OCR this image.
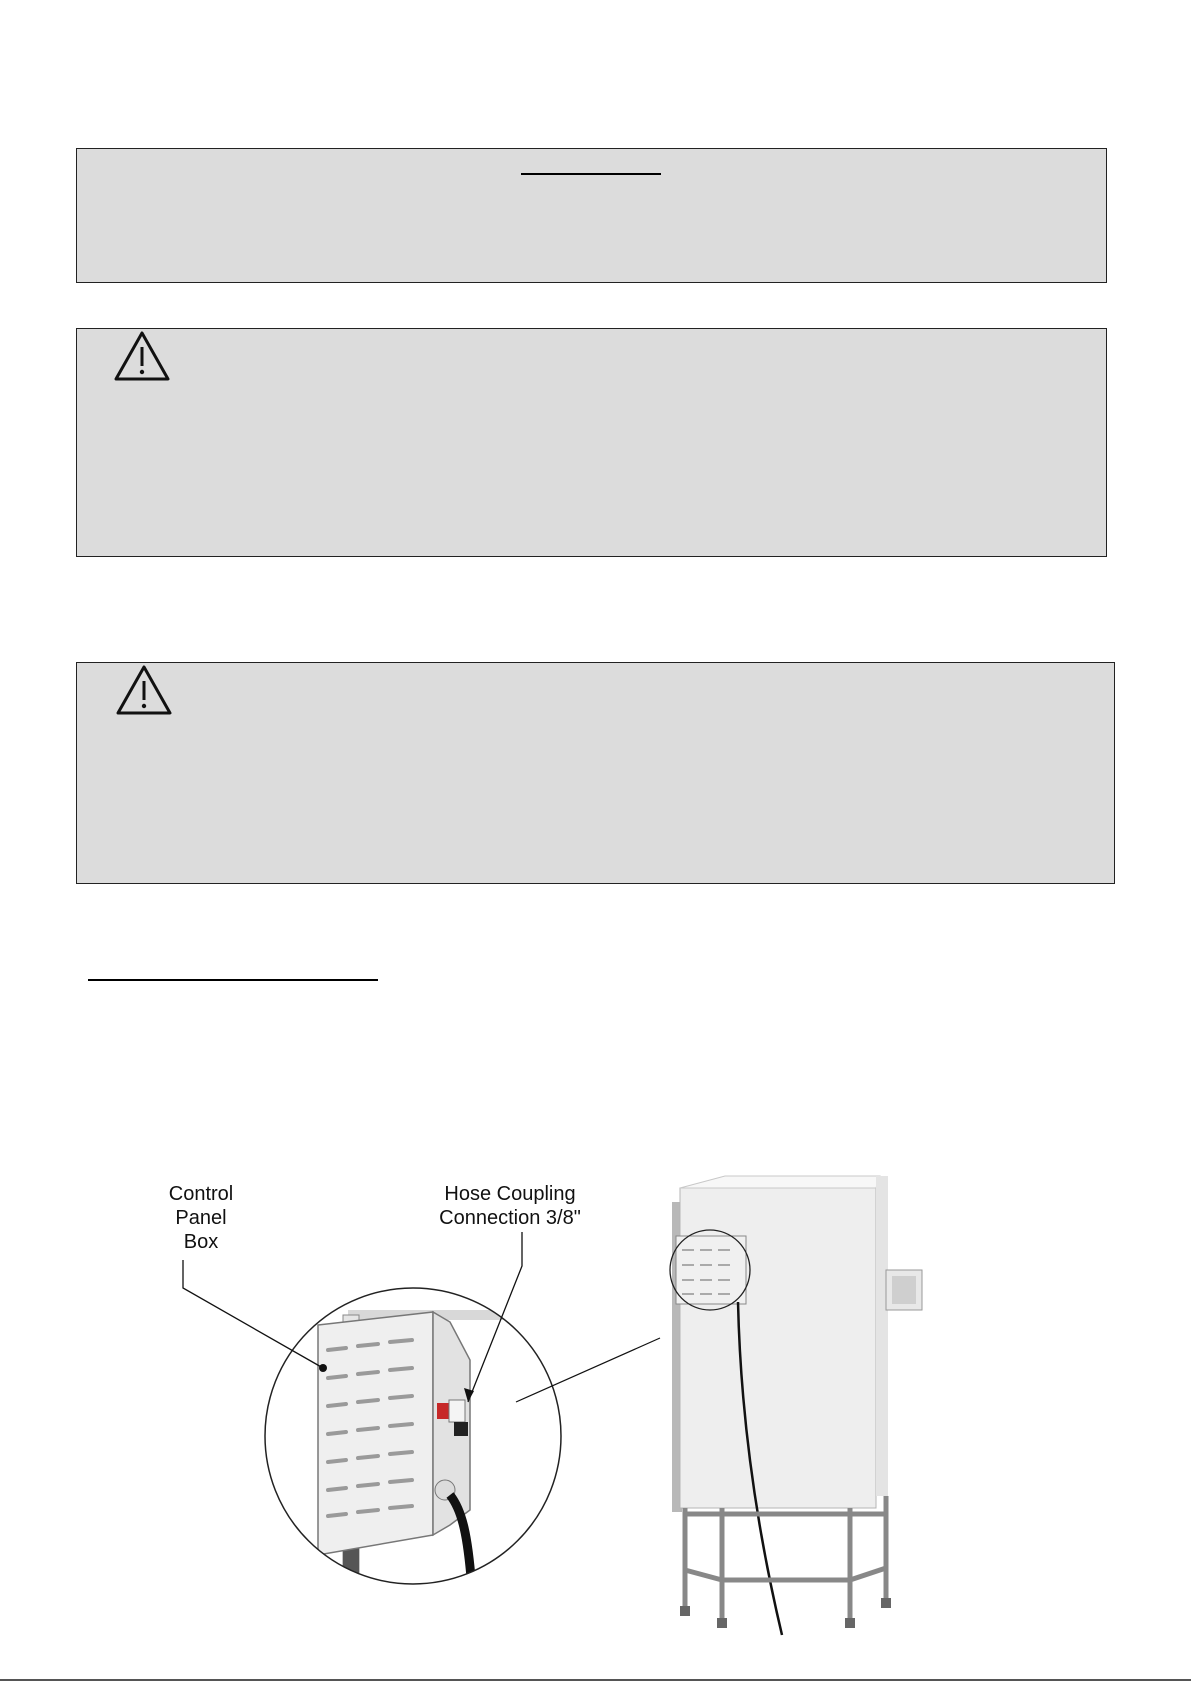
Control
Panel
Box
Hose Coupling
Connection 3/8"
